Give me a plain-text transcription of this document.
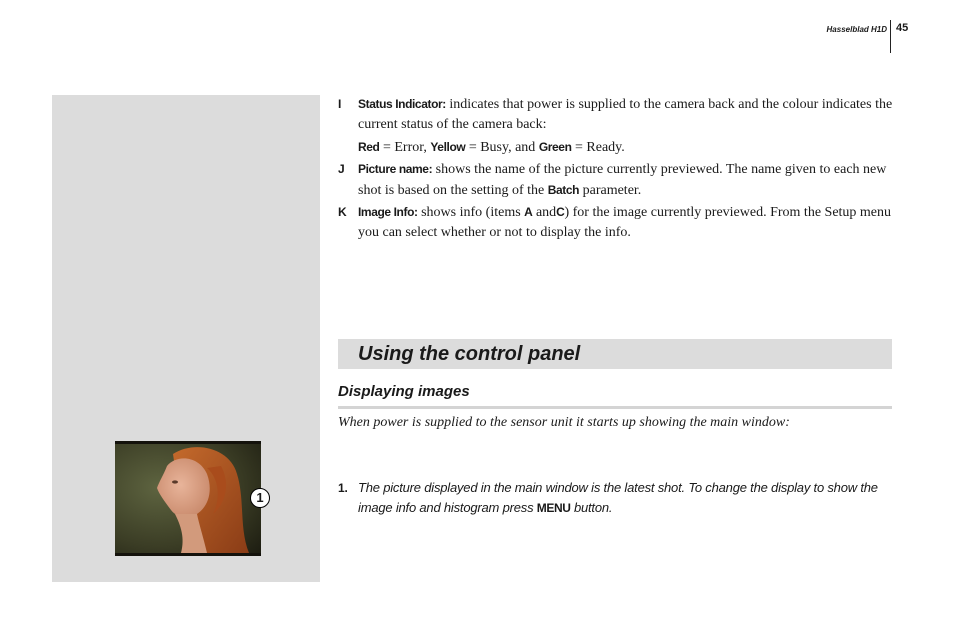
Hasselblad H1D 45
1
I Status Indicator: indicates that power is supplied to the camera back and the colour indicates the current status of the camera back:

Red = Error, Yellow = Busy, and Green = Ready.

J Picture name: shows the name of the picture currently previewed. The name given to each new shot is based on the setting of the Batch parameter.

K Image Info: shows info (items A andC) for the image currently previewed. From the Setup menu you can select whether or not to display the info.

Using the control panel
Displaying images
When power is supplied to the sensor unit it starts up showing the main window:
1. The picture displayed in the main window is the latest shot. To change the display to show the image info and histogram press MENU button.
